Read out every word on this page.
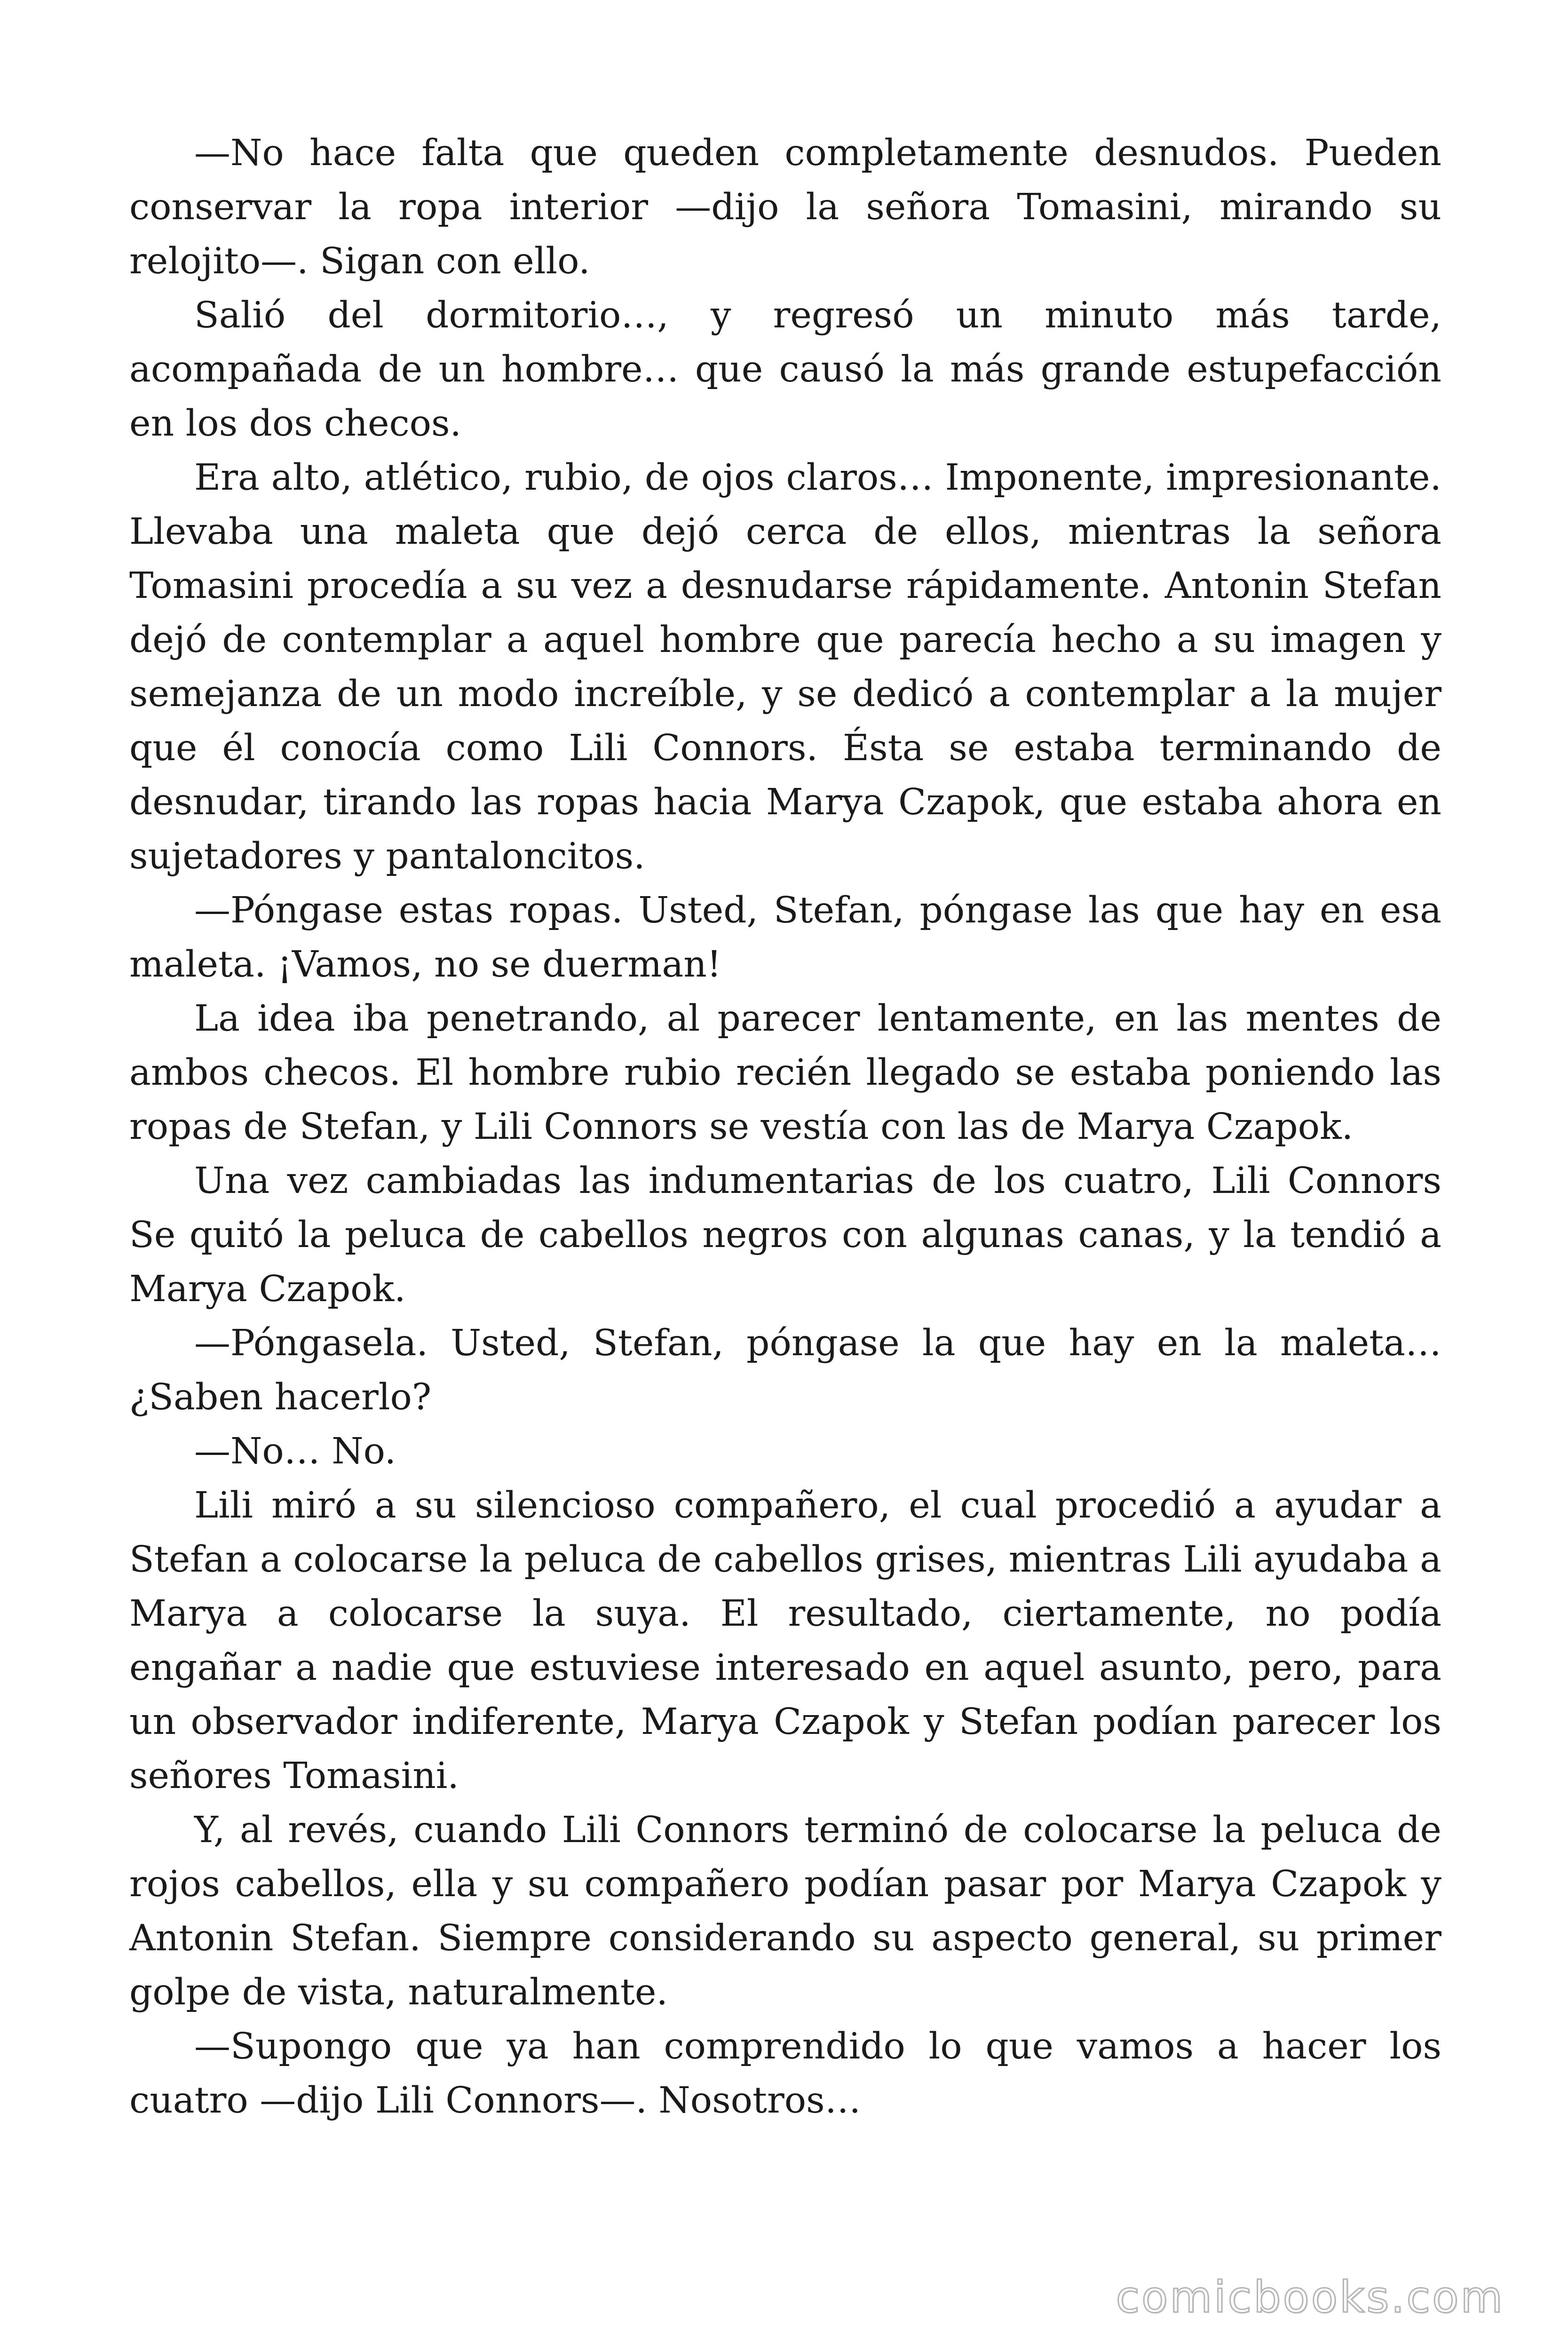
—No hace falta que queden completamente desnudos. Pueden conservar la ropa interior —dijo la señora Tomasini, mirando su relojito—. Sigan con ello.

Salió del dormitorio…, y regresó un minuto más tarde, acompañada de un hombre… que causó la más grande estupefacción en los dos checos.

Era alto, atlético, rubio, de ojos claros… Imponente, impresionante. Llevaba una maleta que dejó cerca de ellos, mientras la señora Tomasini procedía a su vez a desnudarse rápidamente. Antonin Stefan dejó de contemplar a aquel hombre que parecía hecho a su imagen y semejanza de un modo increíble, y se dedicó a contemplar a la mujer que él conocía como Lili Connors. Ésta se estaba terminando de desnudar, tirando las ropas hacia Marya Czapok, que estaba ahora en sujetadores y pantaloncitos.

—Póngase estas ropas. Usted, Stefan, póngase las que hay en esa maleta. ¡Vamos, no se duerman!

La idea iba penetrando, al parecer lentamente, en las mentes de ambos checos. El hombre rubio recién llegado se estaba poniendo las ropas de Stefan, y Lili Connors se vestía con las de Marya Czapok.

Una vez cambiadas las indumentarias de los cuatro, Lili Connors Se quitó la peluca de cabellos negros con algunas canas, y la tendió a Marya Czapok.

—Póngasela. Usted, Stefan, póngase la que hay en la maleta… ¿Saben hacerlo?

—No… No.

Lili miró a su silencioso compañero, el cual procedió a ayudar a Stefan a colocarse la peluca de cabellos grises, mientras Lili ayudaba a Marya a colocarse la suya. El resultado, ciertamente, no podía engañar a nadie que estuviese interesado en aquel asunto, pero, para un observador indiferente, Marya Czapok y Stefan podían parecer los señores Tomasini.

Y, al revés, cuando Lili Connors terminó de colocarse la peluca de rojos cabellos, ella y su compañero podían pasar por Marya Czapok y Antonin Stefan. Siempre considerando su aspecto general, su primer golpe de vista, naturalmente.

—Supongo que ya han comprendido lo que vamos a hacer los cuatro —dijo Lili Connors—. Nosotros…

comicbooks.com
